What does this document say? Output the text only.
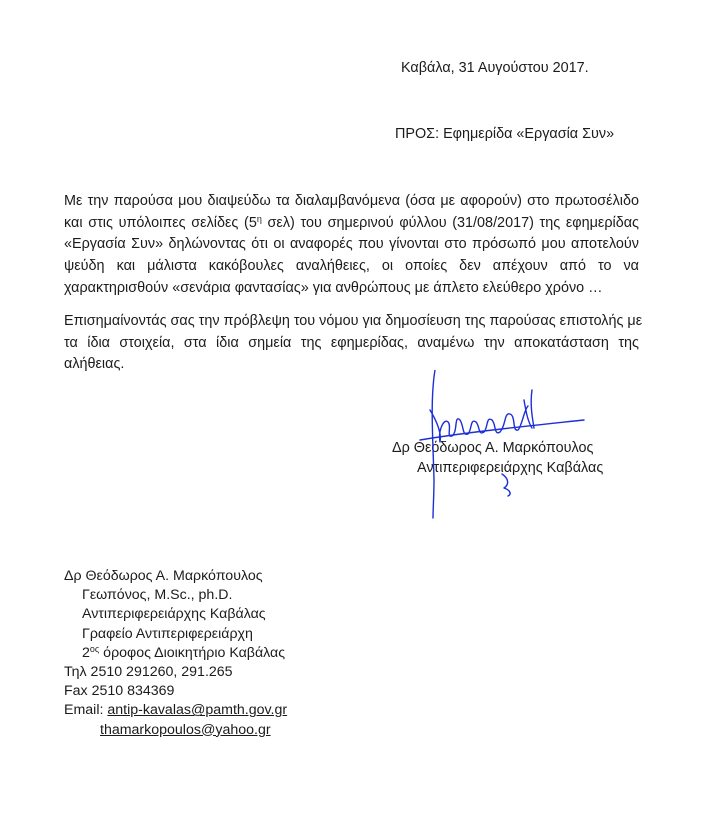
Καβάλα, 31 Αυγούστου 2017.
ΠΡΟΣ: Εφημερίδα «Εργασία Συν»
Με την παρούσα μου διαψεύδω τα διαλαμβανόμενα (όσα με αφορούν) στο πρωτοσέλιδο
και στις υπόλοιπες σελίδες ($5^\eta$ σελ) του σημερινού φύλλου (31/08/2017) της εφημερίδας
«Εργασία Συν» δηλώνοντας ότι οι αναφορές που γίνονται στο πρόσωπό μου αποτελούν
ψεύδη και μάλιστα κακόβουλες αναλήθειες, οι οποίες δεν απέχουν από το να
χαρακτηρισθούν «σενάρια φαντασίας» για ανθρώπους με άπλετο ελεύθερο χρόνο …
Επισημαίνοντάς σας την πρόβλεψη του νόμου για δημοσίευση της παρούσας επιστολής με
τα ίδια στοιχεία, στα ίδια σημεία της εφημερίδας, αναμένω την αποκατάσταση της
αλήθειας.
Δρ Θεόδωρος Α. Μαρκόπουλος
Αντιπεριφερειάρχης Καβάλας
Δρ Θεόδωρος Α. Μαρκόπουλος
Γεωπόνος, M.Sc., ph.D.
Αντιπεριφερειάρχης Καβάλας
Γραφείο Αντιπεριφερειάρχη
$2^{o\varsigma}$ όροφος Διοικητήριο Καβάλας
Τηλ 2510 291260, 291.265
Fax 2510 834369
Email: antip-kavalas@pamth.gov.gr
thamarkopoulos@yahoo.gr
